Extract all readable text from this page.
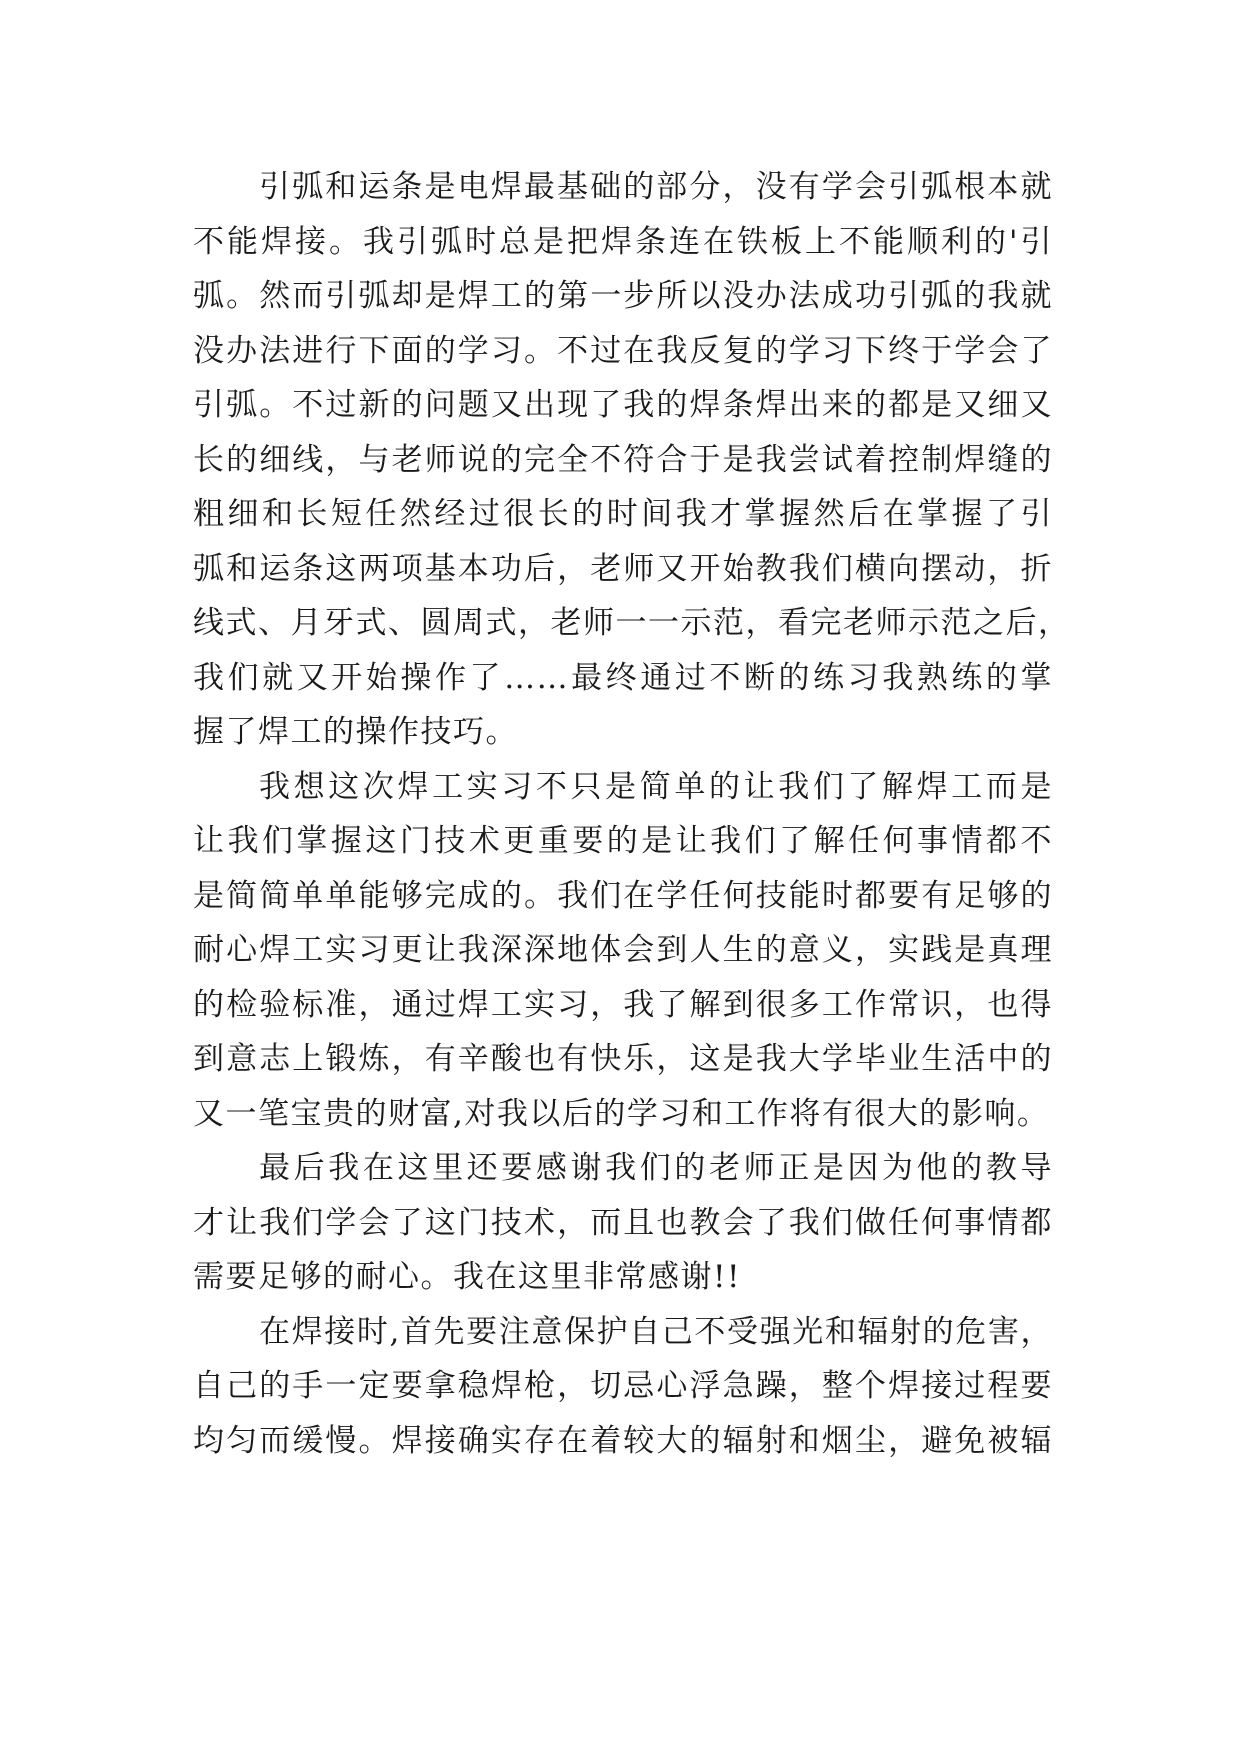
引弧和运条是电焊最基础的部分，没有学会引弧根本就
不能焊接。我引弧时总是把焊条连在铁板上不能顺利的'引
弧。然而引弧却是焊工的第一步所以没办法成功引弧的我就
没办法进行下面的学习。不过在我反复的学习下终于学会了
引弧。不过新的问题又出现了我的焊条焊出来的都是又细又
长的细线，与老师说的完全不符合于是我尝试着控制焊缝的
粗细和长短任然经过很长的时间我才掌握然后在掌握了引
弧和运条这两项基本功后，老师又开始教我们横向摆动，折
线式、月牙式、圆周式，老师一一示范，看完老师示范之后，
我们就又开始操作了……最终通过不断的练习我熟练的掌
握了焊工的操作技巧。
我想这次焊工实习不只是简单的让我们了解焊工而是
让我们掌握这门技术更重要的是让我们了解任何事情都不
是简简单单能够完成的。我们在学任何技能时都要有足够的
耐心焊工实习更让我深深地体会到人生的意义，实践是真理
的检验标准，通过焊工实习，我了解到很多工作常识，也得
到意志上锻炼，有辛酸也有快乐，这是我大学毕业生活中的
又一笔宝贵的财富,对我以后的学习和工作将有很大的影响。
最后我在这里还要感谢我们的老师正是因为他的教导
才让我们学会了这门技术，而且也教会了我们做任何事情都
需要足够的耐心。我在这里非常感谢!!
在焊接时,首先要注意保护自己不受强光和辐射的危害，
自己的手一定要拿稳焊枪，切忌心浮急躁，整个焊接过程要
均匀而缓慢。焊接确实存在着较大的辐射和烟尘，避免被辐
